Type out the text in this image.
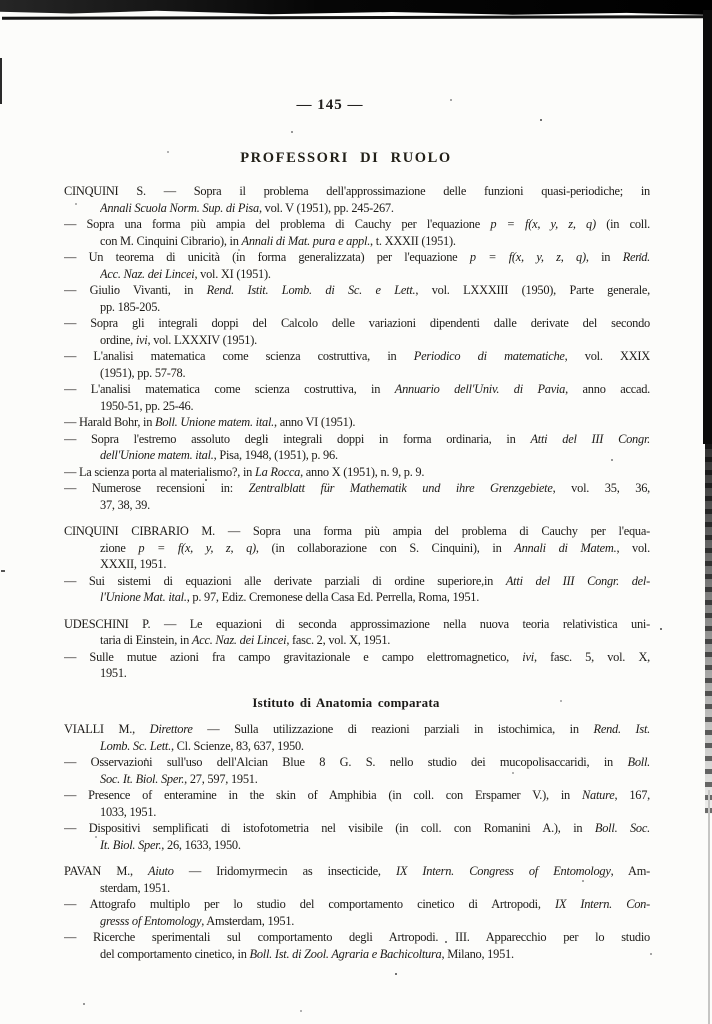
— 145 —
PROFESSORI DI RUOLO
CINQUINI S. — Sopra il problema dell'approssimazione delle funzioni quasi-periodiche; in
Annali Scuola Norm. Sup. di Pisa, vol. V (1951), pp. 245-267.
— Sopra una forma più ampia del problema di Cauchy per l'equazione p = f(x, y, z, q) (in coll.
con M. Cinquini Cibrario), in Annali di Mat. pura e appl., t. XXXII (1951).
— Un teorema di unicità (in forma generalizzata) per l'equazione p = f(x, y, z, q), in Rend.
Acc. Naz. dei Lincei, vol. XI (1951).
— Giulio Vivanti, in Rend. Istit. Lomb. di Sc. e Lett., vol. LXXXIII (1950), Parte generale,
pp. 185-205.
— Sopra gli integrali doppi del Calcolo delle variazioni dipendenti dalle derivate del secondo
ordine, ivi, vol. LXXXIV (1951).
— L'analisi matematica come scienza costruttiva, in Periodico di matematiche, vol. XXIX
(1951), pp. 57-78.
— L'analisi matematica come scienza costruttiva, in Annuario dell'Univ. di Pavia, anno accad.
1950-51, pp. 25-46.
— Harald Bohr, in Boll. Unione matem. ital., anno VI (1951).
— Sopra l'estremo assoluto degli integrali doppi in forma ordinaria, in Atti del III Congr.
dell'Unione matem. ital., Pisa, 1948, (1951), p. 96.
— La scienza porta al materialismo?, in La Rocca, anno X (1951), n. 9, p. 9.
— Numerose recensioni in: Zentralblatt für Mathematik und ihre Grenzgebiete, vol. 35, 36,
37, 38, 39.
CINQUINI CIBRARIO M. — Sopra una forma più ampia del problema di Cauchy per l'equa-
zione p = f(x, y, z, q), (in collaborazione con S. Cinquini), in Annali di Matem., vol.
XXXII, 1951.
— Sui sistemi di equazioni alle derivate parziali di ordine superiore,in Atti del III Congr. del-
l'Unione Mat. ital., p. 97, Ediz. Cremonese della Casa Ed. Perrella, Roma, 1951.
UDESCHINI P. — Le equazioni di seconda approssimazione nella nuova teoria relativistica uni-
taria di Einstein, in Acc. Naz. dei Lincei, fasc. 2, vol. X, 1951.
— Sulle mutue azioni fra campo gravitazionale e campo elettromagnetico, ivi, fasc. 5, vol. X,
1951.
Istituto di Anatomia comparata
VIALLI M., Direttore — Sulla utilizzazione di reazioni parziali in istochimica, in Rend. Ist.
Lomb. Sc. Lett., Cl. Scienze, 83, 637, 1950.
— Osservazioni sull'uso dell'Alcian Blue 8 G. S. nello studio dei mucopolisaccaridi, in Boll.
Soc. It. Biol. Sper., 27, 597, 1951.
— Presence of enteramine in the skin of Amphibia (in coll. con Erspamer V.), in Nature, 167,
1033, 1951.
— Dispositivi semplificati di istofotometria nel visibile (in coll. con Romanini A.), in Boll. Soc.
It. Biol. Sper., 26, 1633, 1950.
PAVAN M., Aiuto — Iridomyrmecin as insecticide, IX Intern. Congress of Entomology, Am-
sterdam, 1951.
— Attografo multiplo per lo studio del comportamento cinetico di Artropodi, IX Intern. Con-
gresss of Entomology, Amsterdam, 1951.
— Ricerche sperimentali sul comportamento degli Artropodi. III. Apparecchio per lo studio
del comportamento cinetico, in Boll. Ist. di Zool. Agraria e Bachicoltura, Milano, 1951.
